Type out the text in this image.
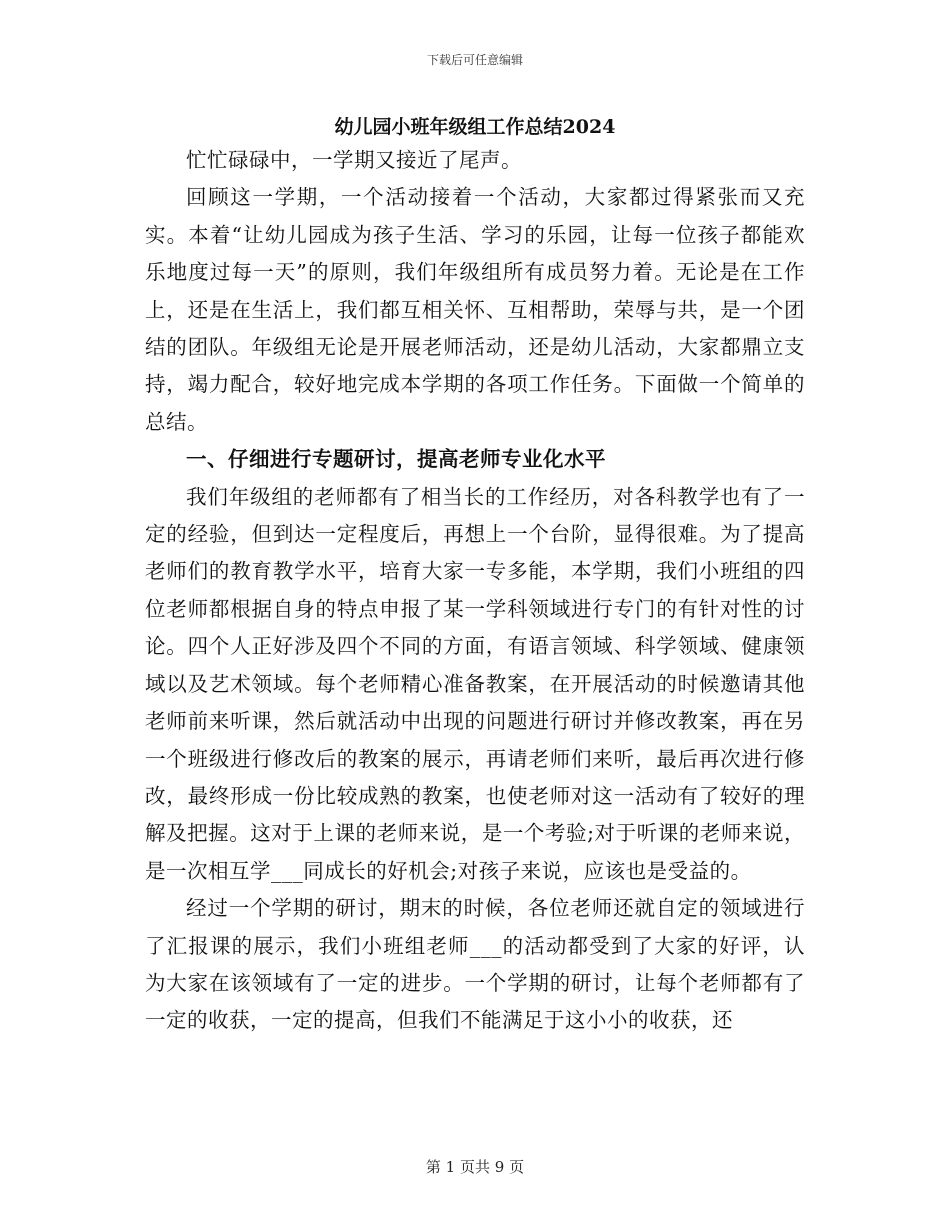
下载后可任意编辑
幼儿园小班年级组工作总结2024

忙忙碌碌中，一学期又接近了尾声。

回顾这一学期，一个活动接着一个活动，大家都过得紧张而又充实。本着“让幼儿园成为孩子生活、学习的乐园，让每一位孩子都能欢乐地度过每一天”的原则，我们年级组所有成员努力着。无论是在工作上，还是在生活上，我们都互相关怀、互相帮助，荣辱与共，是一个团结的团队。年级组无论是开展老师活动，还是幼儿活动，大家都鼎立支持，竭力配合，较好地完成本学期的各项工作任务。下面做一个简单的总结。

一、仔细进行专题研讨，提高老师专业化水平

我们年级组的老师都有了相当长的工作经历，对各科教学也有了一定的经验，但到达一定程度后，再想上一个台阶，显得很难。为了提高老师们的教育教学水平，培育大家一专多能，本学期，我们小班组的四位老师都根据自身的特点申报了某一学科领域进行专门的有针对性的讨论。四个人正好涉及四个不同的方面，有语言领域、科学领域、健康领域以及艺术领域。每个老师精心准备教案，在开展活动的时候邀请其他老师前来听课，然后就活动中出现的问题进行研讨并修改教案，再在另一个班级进行修改后的教案的展示，再请老师们来听，最后再次进行修改，最终形成一份比较成熟的教案，也使老师对这一活动有了较好的理解及把握。这对于上课的老师来说，是一个考验;对于听课的老师来说，是一次相互学___同成长的好机会;对孩子来说，应该也是受益的。

经过一个学期的研讨，期末的时候，各位老师还就自定的领域进行了汇报课的展示，我们小班组老师___的活动都受到了大家的好评，认为大家在该领域有了一定的进步。一个学期的研讨，让每个老师都有了一定的收获，一定的提高，但我们不能满足于这小小的收获，还

第 1 页共 9 页
